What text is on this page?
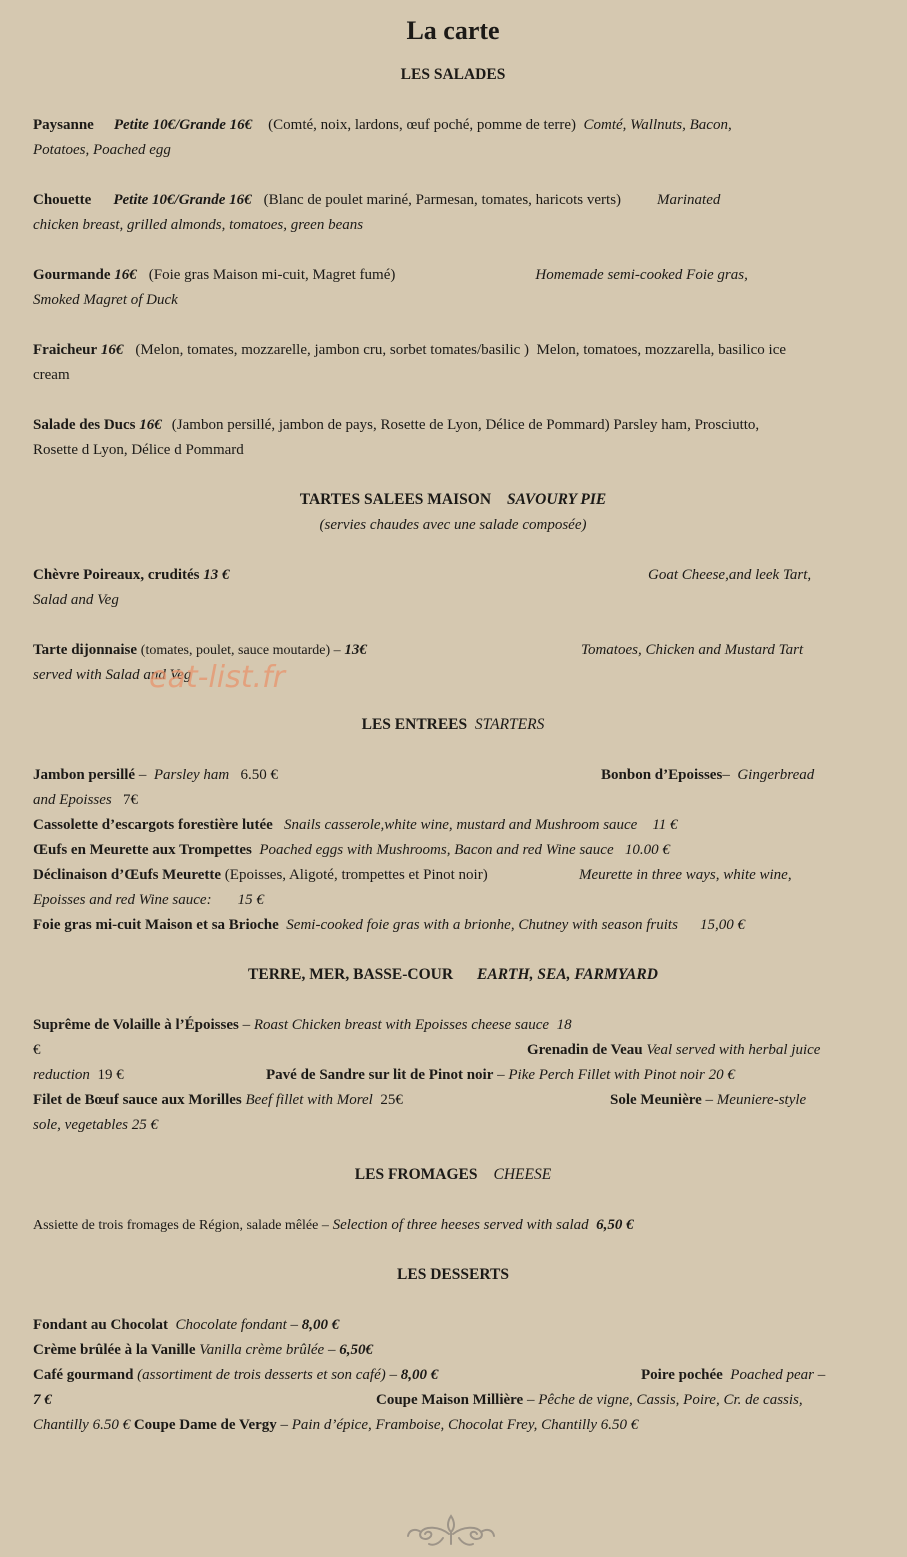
La carte
LES SALADES
Paysanne Petite 10€/Grande 16€ (Comté, noix, lardons, œuf poché, pomme de terre) Comté, Wallnuts, Bacon,
Potatoes, Poached egg
Chouette Petite 10€/Grande 16€ (Blanc de poulet mariné, Parmesan, tomates, haricots verts) Marinated
chicken breast, grilled almonds, tomatoes, green beans
Gourmande 16€ (Foie gras Maison mi-cuit, Magret fumé)	Homemade semi-cooked Foie gras,
Smoked Magret of Duck
Fraicheur 16€ (Melon, tomates, mozzarelle, jambon cru, sorbet tomates/basilic ) Melon, tomatoes, mozzarella, basilico ice
cream
Salade des Ducs 16€ (Jambon persillé, jambon de pays, Rosette de Lyon, Délice de Pommard) Parsley ham, Prosciutto,
Rosette d Lyon, Délice d Pommard
TARTES SALEES MAISON SAVOURY PIE
(servies chaudes avec une salade composée)
Chèvre Poireaux, crudités 13 €	Goat Cheese,and leek Tart,

Salad and Veg
Tarte dijonnaise (tomates, poulet, sauce moutarde) – 13€	Tomatoes, Chicken and Mustard Tart

served with Salad and Veg
LES ENTREES STARTERS
Jambon persillé –  Parsley ham 6.50 €	Bonbon d’Epoisses–  Gingerbread
and Epoisses 7€
Cassolette d’escargots forestière lutée Snails casserole,white wine, mustard and Mushroom sauce 11 €
Œufs en Meurette aux Trompettes Poached eggs with Mushrooms, Bacon and red Wine sauce 10.00 €
Déclinaison d’Œufs Meurette (Epoisses, Aligoté, trompettes et Pinot noir)	Meurette in three ways, white wine,
Epoisses and red Wine sauce: 15 €
Foie gras mi-cuit Maison et sa Brioche Semi-cooked foie gras with a brionhe, Chutney with season fruits 15,00 €
TERRE, MER, BASSE-COUR EARTH, SEA, FARMYARD
Suprême de Volaille à l’Époisses – Roast Chicken breast with Epoisses cheese sauce 18
€	Grenadin de Veau Veal served with herbal juice
reduction 19 €	Pavé de Sandre sur lit de Pinot noir – Pike Perch Fillet with Pinot noir 20 €
Filet de Bœuf sauce aux Morilles Beef fillet with Morel 25€	Sole Meunière – Meuniere-style
sole, vegetables 25 €
LES FROMAGES CHEESE
Assiette de trois fromages de Région, salade mêlée – Selection of three heeses served with salad 6,50 €
LES DESSERTS
Fondant au Chocolat Chocolate fondant – 8,00 €
Crème brûlée à la Vanille Vanilla crème brûlée – 6,50€
Café gourmand (assortiment de trois desserts et son café) – 8,00 €	Poire pochée Poached pear –
7 €	Coupe Maison Millière – Pêche de vigne, Cassis, Poire, Cr. de cassis,
Chantilly 6.50 € Coupe Dame de Vergy – Pain d’épice, Framboise, Chocolat Frey, Chantilly 6.50 €
eat-list.fr
